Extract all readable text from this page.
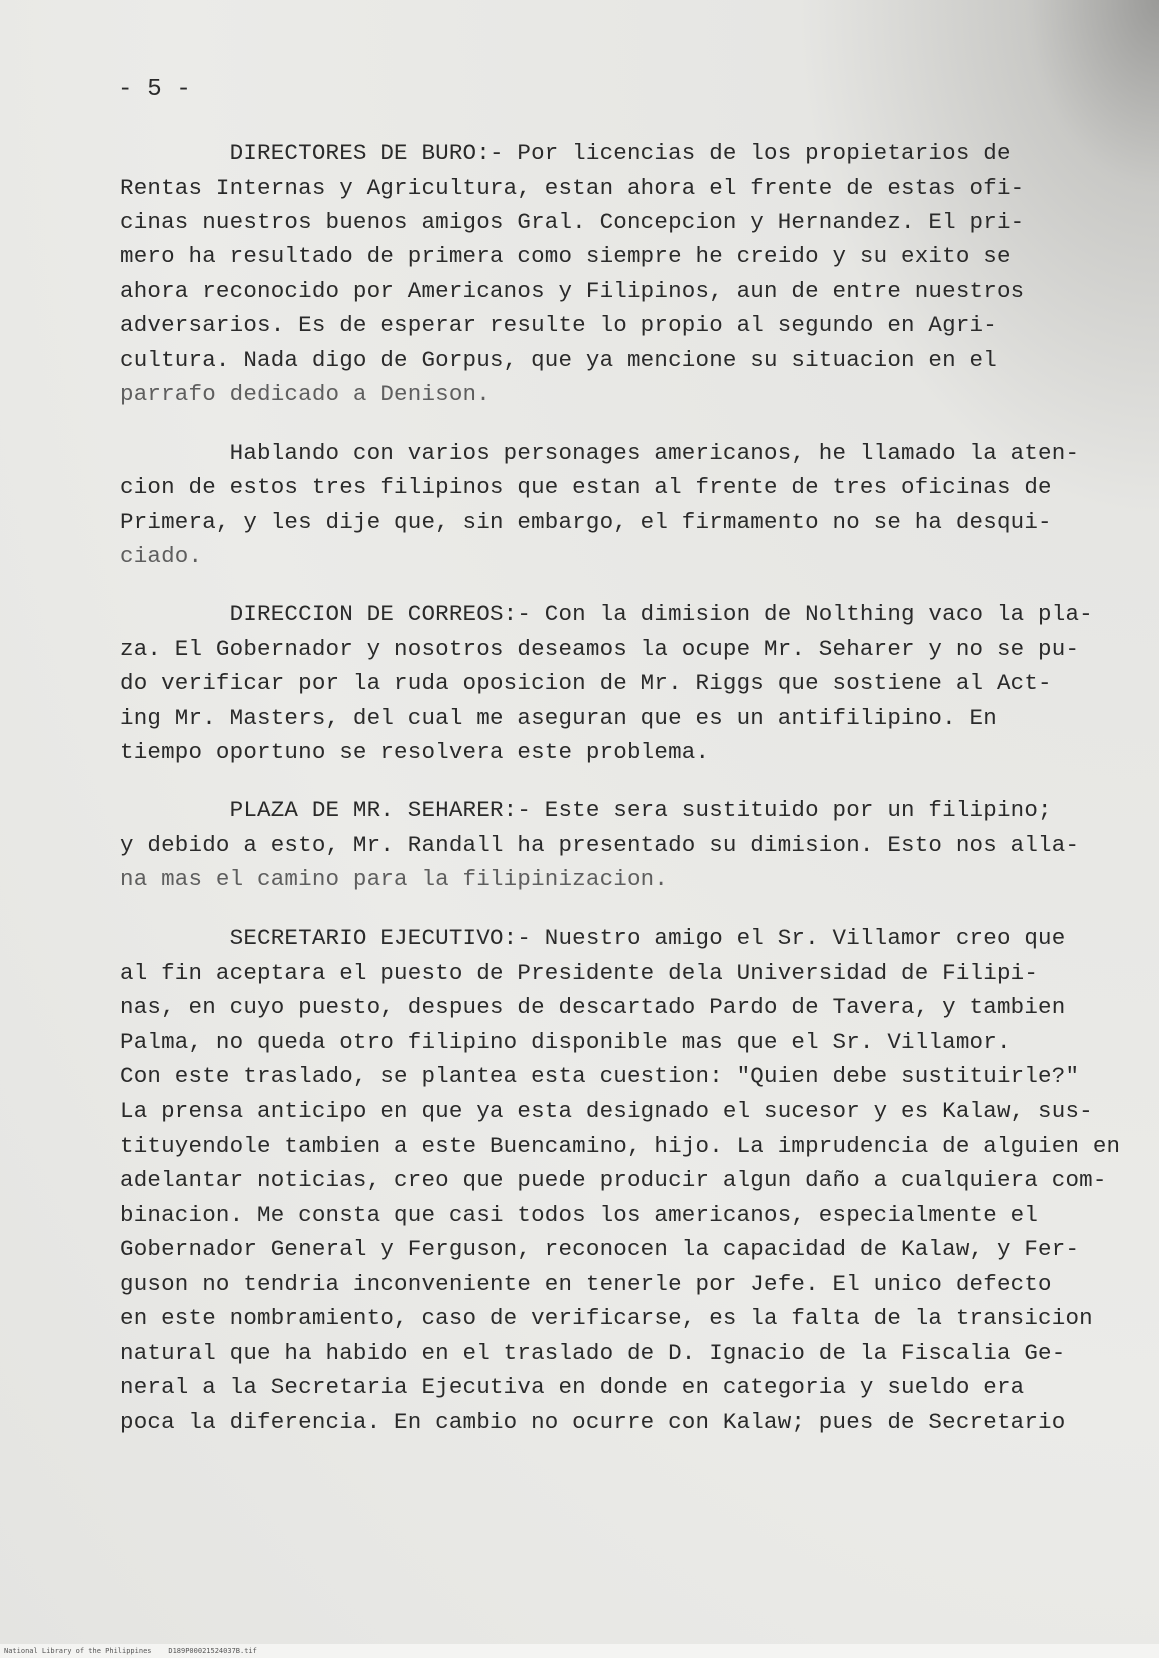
- 5 -
DIRECTORES DE BURO:- Por licencias de los propietarios de
Rentas Internas y Agricultura, estan ahora el frente de estas ofi-
cinas nuestros buenos amigos Gral. Concepcion y Hernandez. El pri-
mero ha resultado de primera como siempre he creido y su exito se
ahora reconocido por Americanos y Filipinos, aun de entre nuestros
adversarios. Es de esperar resulte lo propio al segundo en Agri-
cultura. Nada digo de Gorpus, que ya mencione su situacion en el
parrafo dedicado a Denison.
Hablando con varios personages americanos, he llamado la aten-
cion de estos tres filipinos que estan al frente de tres oficinas de
Primera, y les dije que, sin embargo, el firmamento no se ha desqui-
ciado.
DIRECCION DE CORREOS:- Con la dimision de Nolthing vaco la pla-
za. El Gobernador y nosotros deseamos la ocupe Mr. Seharer y no se pu-
do verificar por la ruda oposicion de Mr. Riggs que sostiene al Act-
ing Mr. Masters, del cual me aseguran que es un antifilipino. En
tiempo oportuno se resolvera este problema.
PLAZA DE MR. SEHARER:- Este sera sustituido por un filipino;
y debido a esto, Mr. Randall ha presentado su dimision. Esto nos alla-
na mas el camino para la filipinizacion.
SECRETARIO EJECUTIVO:- Nuestro amigo el Sr. Villamor creo que
al fin aceptara el puesto de Presidente dela Universidad de Filipi-
nas, en cuyo puesto, despues de descartado Pardo de Tavera, y tambien
Palma, no queda otro filipino disponible mas que el Sr. Villamor.
Con este traslado, se plantea esta cuestion: "Quien debe sustituirle?"
La prensa anticipo en que ya esta designado el sucesor y es Kalaw, sus-
tituyendole tambien a este Buencamino, hijo. La imprudencia de alguien en
adelantar noticias, creo que puede producir algun daño a cualquiera com-
binacion. Me consta que casi todos los americanos, especialmente el
Gobernador General y Ferguson, reconocen la capacidad de Kalaw, y Fer-
guson no tendria inconveniente en tenerle por Jefe. El unico defecto
en este nombramiento, caso de verificarse, es la falta de la transicion
natural que ha habido en el traslado de D. Ignacio de la Fiscalia Ge-
neral a la Secretaria Ejecutiva en donde en categoria y sueldo era
poca la diferencia. En cambio no ocurre con Kalaw; pues de Secretario
National Library of the Philippines    D189P00021524037B.tif
